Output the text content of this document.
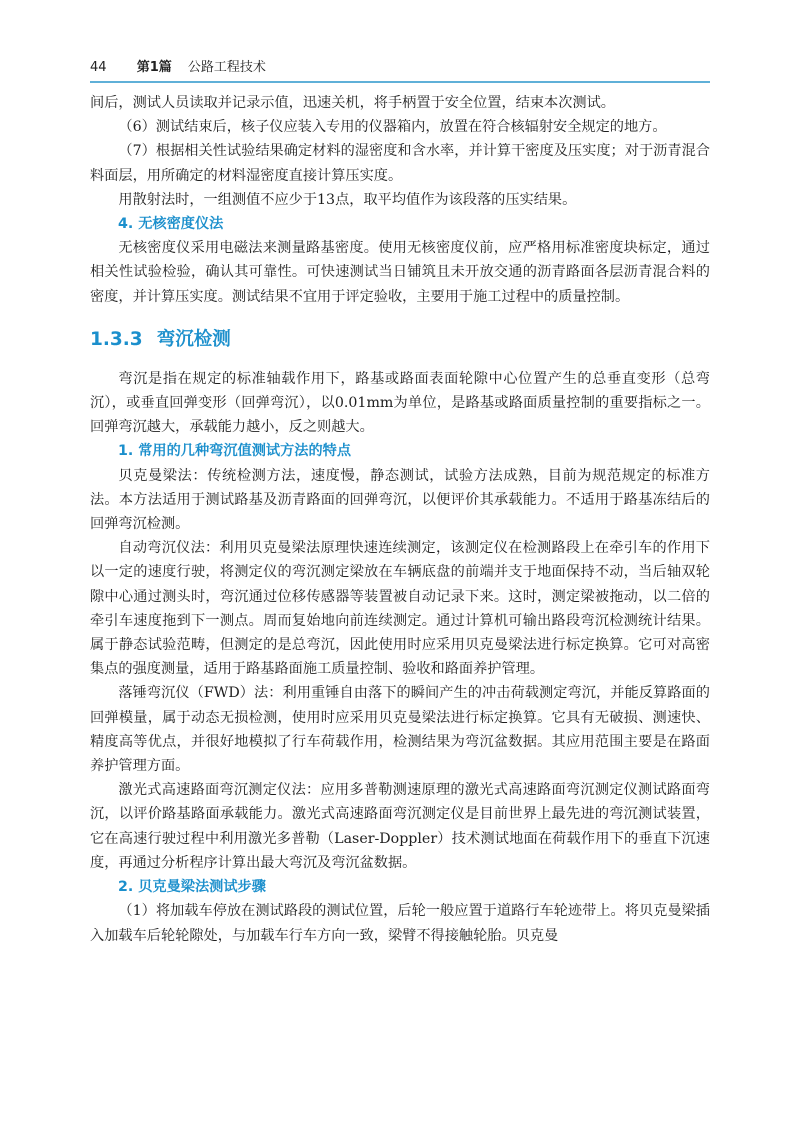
44 第1篇 公路工程技术

间后，测试人员读取并记录示值，迅速关机，将手柄置于安全位置，结束本次测试。

（6）测试结束后，核子仪应装入专用的仪器箱内，放置在符合核辐射安全规定的地方。

（7）根据相关性试验结果确定材料的湿密度和含水率，并计算干密度及压实度；对于沥青混合料面层，用所确定的材料湿密度直接计算压实度。

用散射法时，一组测值不应少于13点，取平均值作为该段落的压实结果。

4. 无核密度仪法

无核密度仪采用电磁法来测量路基密度。使用无核密度仪前，应严格用标准密度块标定，通过相关性试验检验，确认其可靠性。可快速测试当日铺筑且未开放交通的沥青路面各层沥青混合料的密度，并计算压实度。测试结果不宜用于评定验收，主要用于施工过程中的质量控制。

1.3.3 弯沉检测

弯沉是指在规定的标准轴载作用下，路基或路面表面轮隙中心位置产生的总垂直变形（总弯沉），或垂直回弹变形（回弹弯沉），以0.01mm为单位，是路基或路面质量控制的重要指标之一。回弹弯沉越大，承载能力越小，反之则越大。

1. 常用的几种弯沉值测试方法的特点

贝克曼梁法：传统检测方法，速度慢，静态测试，试验方法成熟，目前为规范规定的标准方法。本方法适用于测试路基及沥青路面的回弹弯沉，以便评价其承载能力。不适用于路基冻结后的回弹弯沉检测。

自动弯沉仪法：利用贝克曼梁法原理快速连续测定，该测定仪在检测路段上在牵引车的作用下以一定的速度行驶，将测定仪的弯沉测定梁放在车辆底盘的前端并支于地面保持不动，当后轴双轮隙中心通过测头时，弯沉通过位移传感器等装置被自动记录下来。这时，测定梁被拖动，以二倍的牵引车速度拖到下一测点。周而复始地向前连续测定。通过计算机可输出路段弯沉检测统计结果。属于静态试验范畴，但测定的是总弯沉，因此使用时应采用贝克曼梁法进行标定换算。它可对高密集点的强度测量，适用于路基路面施工质量控制、验收和路面养护管理。

落锤弯沉仪（FWD）法：利用重锤自由落下的瞬间产生的冲击荷载测定弯沉，并能反算路面的回弹模量，属于动态无损检测，使用时应采用贝克曼梁法进行标定换算。它具有无破损、测速快、精度高等优点，并很好地模拟了行车荷载作用，检测结果为弯沉盆数据。其应用范围主要是在路面养护管理方面。

激光式高速路面弯沉测定仪法：应用多普勒测速原理的激光式高速路面弯沉测定仪测试路面弯沉，以评价路基路面承载能力。激光式高速路面弯沉测定仪是目前世界上最先进的弯沉测试装置，它在高速行驶过程中利用激光多普勒（Laser-Doppler）技术测试地面在荷载作用下的垂直下沉速度，再通过分析程序计算出最大弯沉及弯沉盆数据。

2. 贝克曼梁法测试步骤

（1）将加载车停放在测试路段的测试位置，后轮一般应置于道路行车轮迹带上。将贝克曼梁插入加载车后轮轮隙处，与加载车行车方向一致，梁臂不得接触轮胎。贝克曼
